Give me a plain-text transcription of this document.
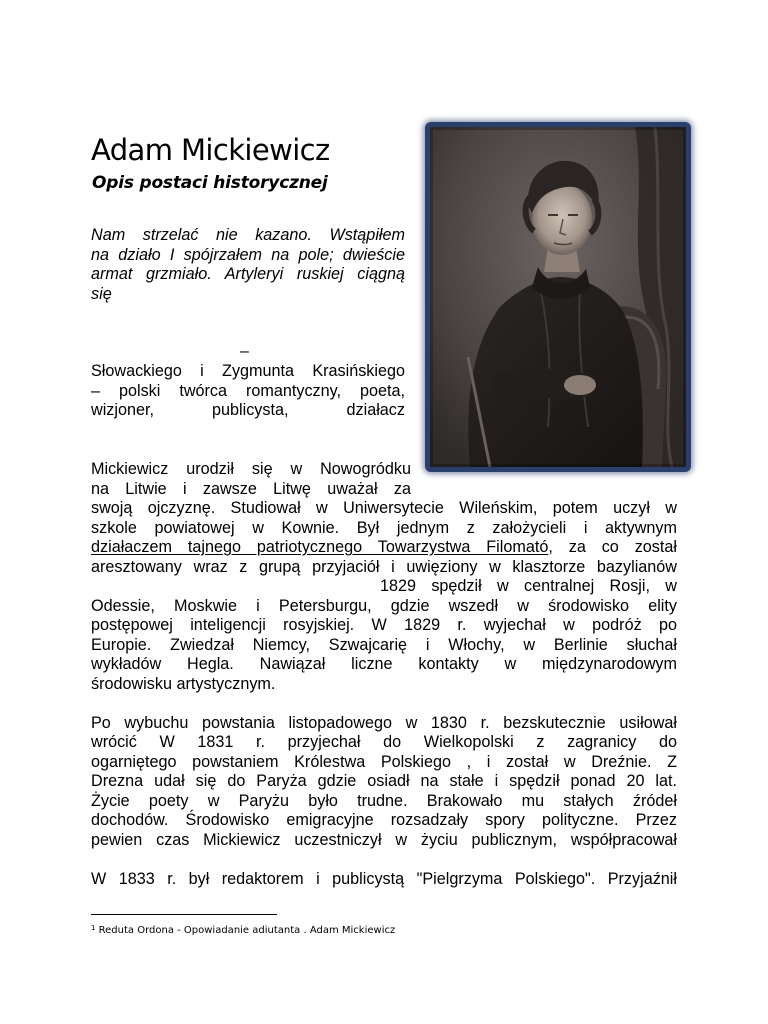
Adam Mickiewicz
Opis postaci historycznej
Nam strzelać nie kazano. Wstąpiłem
na działo I spójrzałem na pole; dwieście
armat grzmiało. Artyleryi ruskiej ciągną
się
–
Słowackiego i Zygmunta Krasińskiego
– polski twórca romantyczny, poeta,
wizjoner, publicysta, działacz
Mickiewicz urodził się w Nowogródku
na Litwie i zawsze Litwę uważał za
swoją ojczyznę. Studiował w Uniwersytecie Wileńskim, potem uczył w
szkole powiatowej w Kownie. Był jednym z założycieli i aktywnym
działaczem tajnego patriotycznego Towarzystwa Filomató, za co został
aresztowany wraz z grupą przyjaciół i uwięziony w klasztorze bazylianów
1829 spędził w centralnej Rosji, w
Odessie, Moskwie i Petersburgu, gdzie wszedł w środowisko elity
postępowej inteligencji rosyjskiej. W 1829 r. wyjechał w podróż po
Europie. Zwiedzał Niemcy, Szwajcarię i Włochy, w Berlinie słuchał
wykładów Hegla. Nawiązał liczne kontakty w międzynarodowym
środowisku artystycznym.
Po wybuchu powstania listopadowego w 1830 r. bezskutecznie usiłował
wrócić W 1831 r. przyjechał do Wielkopolski z zagranicy do
ogarniętego powstaniem Królestwa Polskiego , i został w Dreźnie. Z
Drezna udał się do Paryża gdzie osiadł na stałe i spędził ponad 20 lat.
Życie poety w Paryżu było trudne. Brakowało mu stałych źródeł
dochodów. Środowisko emigracyjne rozsadzały spory polityczne. Przez
pewien czas Mickiewicz uczestniczył w życiu publicznym, współpracował
W 1833 r. był redaktorem i publicystą "Pielgrzyma Polskiego". Przyjaźnił
$^1$ Reduta Ordona - Opowiadanie adiutanta . Adam Mickiewicz
